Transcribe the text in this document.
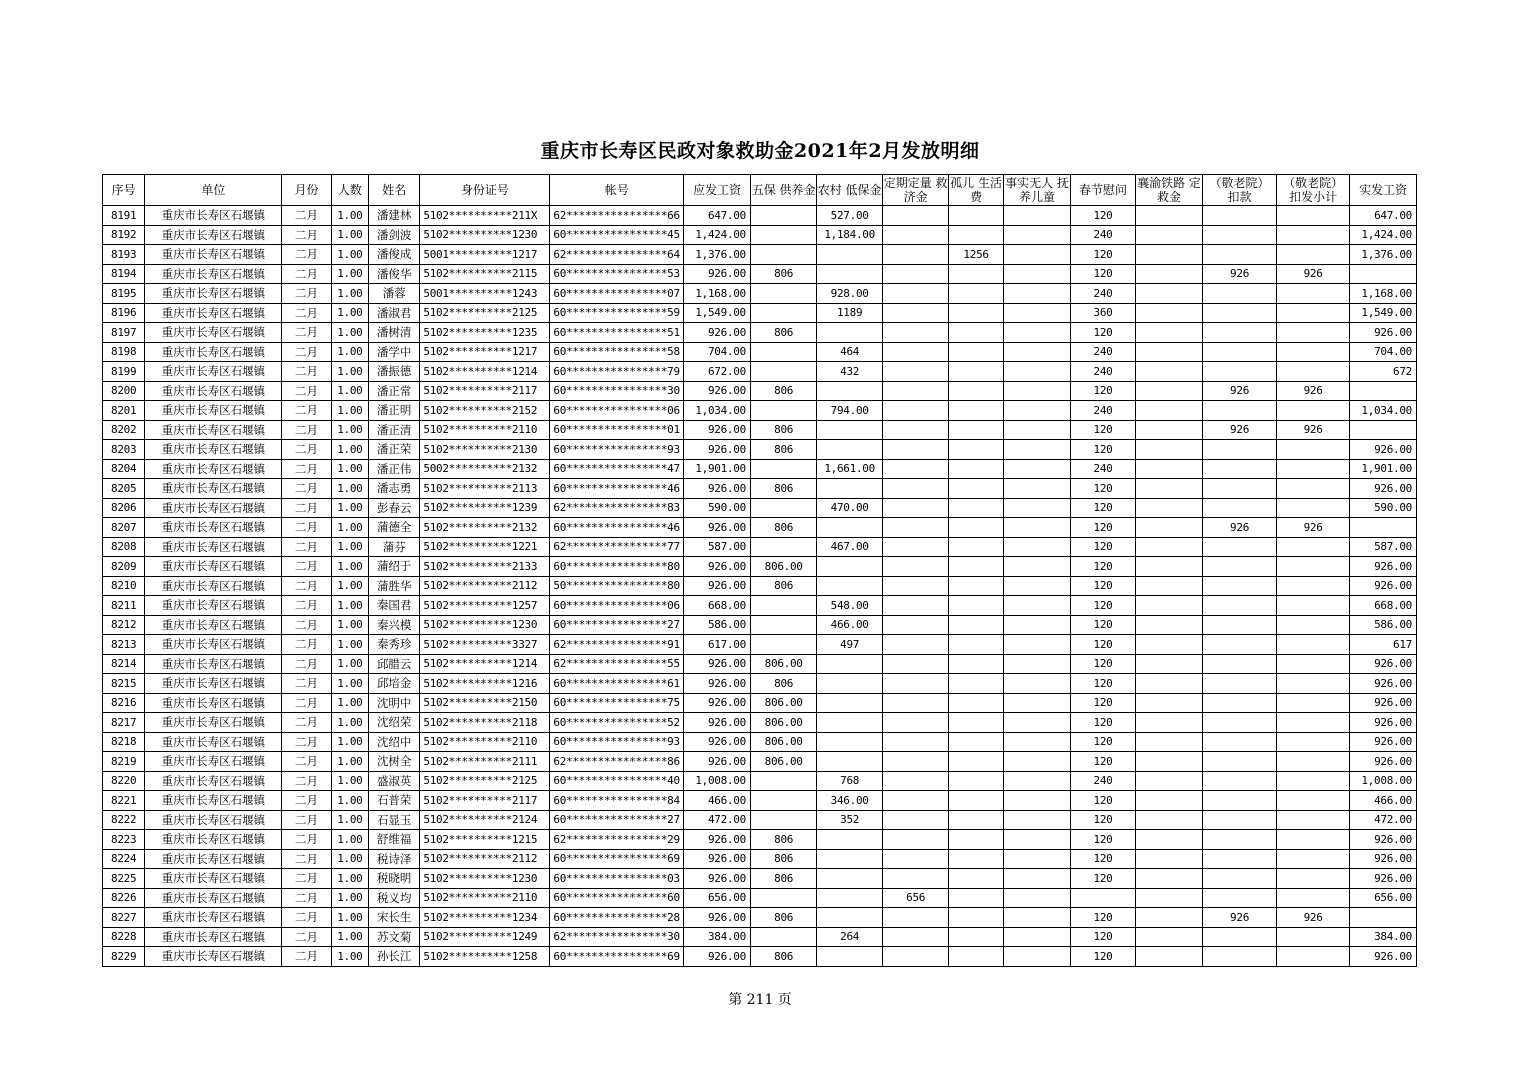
重庆市长寿区民政对象救助金2021年2月发放明细
序号	单位	月份	人数	姓名	身份证号	帐号	应发工资	五保 供养金	农村 低保金	定期定量 救济金	孤儿 生活费	事实无人 抚养儿童	春节慰问	襄渝铁路 定救金	（敬老院） 扣款	（敬老院） 扣发小计	实发工资
8191	重庆市长寿区石堰镇	二月	1.00	潘建林	5102**********211X	62****************66	647.00		527.00				120				647.00
8192	重庆市长寿区石堰镇	二月	1.00	潘剑波	5102**********1230	60****************45	1,424.00		1,184.00				240				1,424.00
8193	重庆市长寿区石堰镇	二月	1.00	潘俊成	5001**********1217	62****************64	1,376.00				1256		120				1,376.00
8194	重庆市长寿区石堰镇	二月	1.00	潘俊华	5102**********2115	60****************53	926.00	806					120		926	926	
8195	重庆市长寿区石堰镇	二月	1.00	潘蓉	5001**********1243	60****************07	1,168.00		928.00				240				1,168.00
8196	重庆市长寿区石堰镇	二月	1.00	潘淑君	5102**********2125	60****************59	1,549.00		1189				360				1,549.00
8197	重庆市长寿区石堰镇	二月	1.00	潘树清	5102**********1235	60****************51	926.00	806					120				926.00
8198	重庆市长寿区石堰镇	二月	1.00	潘学中	5102**********1217	60****************58	704.00		464				240				704.00
8199	重庆市长寿区石堰镇	二月	1.00	潘振德	5102**********1214	60****************79	672.00		432				240				672
8200	重庆市长寿区石堰镇	二月	1.00	潘正常	5102**********2117	60****************30	926.00	806					120		926	926	
8201	重庆市长寿区石堰镇	二月	1.00	潘正明	5102**********2152	60****************06	1,034.00		794.00				240				1,034.00
8202	重庆市长寿区石堰镇	二月	1.00	潘正清	5102**********2110	60****************01	926.00	806					120		926	926	
8203	重庆市长寿区石堰镇	二月	1.00	潘正荣	5102**********2130	60****************93	926.00	806					120				926.00
8204	重庆市长寿区石堰镇	二月	1.00	潘正伟	5002**********2132	60****************47	1,901.00		1,661.00				240				1,901.00
8205	重庆市长寿区石堰镇	二月	1.00	潘志勇	5102**********2113	60****************46	926.00	806					120				926.00
8206	重庆市长寿区石堰镇	二月	1.00	彭春云	5102**********1239	62****************83	590.00		470.00				120				590.00
8207	重庆市长寿区石堰镇	二月	1.00	蒲德全	5102**********2132	60****************46	926.00	806					120		926	926	
8208	重庆市长寿区石堰镇	二月	1.00	蒲芬	5102**********1221	62****************77	587.00		467.00				120				587.00
8209	重庆市长寿区石堰镇	二月	1.00	蒲绍于	5102**********2133	60****************80	926.00	806.00					120				926.00
8210	重庆市长寿区石堰镇	二月	1.00	蒲胜华	5102**********2112	50****************80	926.00	806					120				926.00
8211	重庆市长寿区石堰镇	二月	1.00	秦国君	5102**********1257	60****************06	668.00		548.00				120				668.00
8212	重庆市长寿区石堰镇	二月	1.00	秦兴模	5102**********1230	60****************27	586.00		466.00				120				586.00
8213	重庆市长寿区石堰镇	二月	1.00	秦秀珍	5102**********3327	62****************91	617.00		497				120				617
8214	重庆市长寿区石堰镇	二月	1.00	邱腊云	5102**********1214	62****************55	926.00	806.00					120				926.00
8215	重庆市长寿区石堰镇	二月	1.00	邱培金	5102**********1216	60****************61	926.00	806					120				926.00
8216	重庆市长寿区石堰镇	二月	1.00	沈明中	5102**********2150	60****************75	926.00	806.00					120				926.00
8217	重庆市长寿区石堰镇	二月	1.00	沈绍荣	5102**********2118	60****************52	926.00	806.00					120				926.00
8218	重庆市长寿区石堰镇	二月	1.00	沈绍中	5102**********2110	60****************93	926.00	806.00					120				926.00
8219	重庆市长寿区石堰镇	二月	1.00	沈树全	5102**********2111	62****************86	926.00	806.00					120				926.00
8220	重庆市长寿区石堰镇	二月	1.00	盛淑英	5102**********2125	60****************40	1,008.00		768				240				1,008.00
8221	重庆市长寿区石堰镇	二月	1.00	石普荣	5102**********2117	60****************84	466.00		346.00				120				466.00
8222	重庆市长寿区石堰镇	二月	1.00	石显玉	5102**********2124	60****************27	472.00		352				120				472.00
8223	重庆市长寿区石堰镇	二月	1.00	舒维福	5102**********1215	62****************29	926.00	806					120				926.00
8224	重庆市长寿区石堰镇	二月	1.00	税诗泽	5102**********2112	60****************69	926.00	806					120				926.00
8225	重庆市长寿区石堰镇	二月	1.00	税晓明	5102**********1230	60****************03	926.00	806					120				926.00
8226	重庆市长寿区石堰镇	二月	1.00	税义均	5102**********2110	60****************60	656.00			656							656.00
8227	重庆市长寿区石堰镇	二月	1.00	宋长生	5102**********1234	60****************28	926.00	806					120		926	926	
8228	重庆市长寿区石堰镇	二月	1.00	苏文菊	5102**********1249	62****************30	384.00		264				120				384.00
8229	重庆市长寿区石堰镇	二月	1.00	孙长江	5102**********1258	60****************69	926.00	806					120				926.00
第 211 页
